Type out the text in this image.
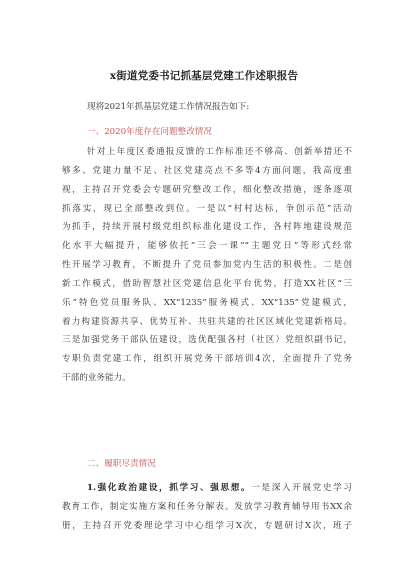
x街道党委书记抓基层党建工作述职报告
现将2021年抓基层党建工作情况报告如下:
一、2020年度存在问题整改情况
针对上年度区委通报反馈的工作标准还不够高、创新举措还不
够多、党建力量不足、社区党建亮点不多等4方面问题，我高度重
视，主持召开党委会专题研究整改工作，细化整改措施，逐条逐项
抓落实，现已全部整改到位。一是以“村村达标，争创示范”活动
为抓手，持续开展村级党组织标准化建设工作，各村阵地建设规范
化水平大幅提升，能够依托“三会一课”“主题党日”等形式经常
性开展学习教育，不断提升了党员参加党内生活的积极性。二是创
新工作模式，借助智慧社区党建信息化平台优势，打造XX社区“三
乐”特色党员服务队、XX“1235”服务模式、XX“135”党建模式，
着力构建资源共享、优势互补、共驻共建的社区区域化党建新格局。
三是加强党务干部队伍建设，选优配强各村（社区）党组织副书记，
专职负责党建工作，组织开展党务干部培训4次，全面提升了党务
干部的业务能力。
二、履职尽责情况
1.强化政治建设，抓学习、强思想。一是深入开展党史学习
教育工作，制定实施方案和任务分解表。发放学习教育辅导用书XX余
册，主持召开党委理论学习中心组学习X次，专题研讨X次，班子
